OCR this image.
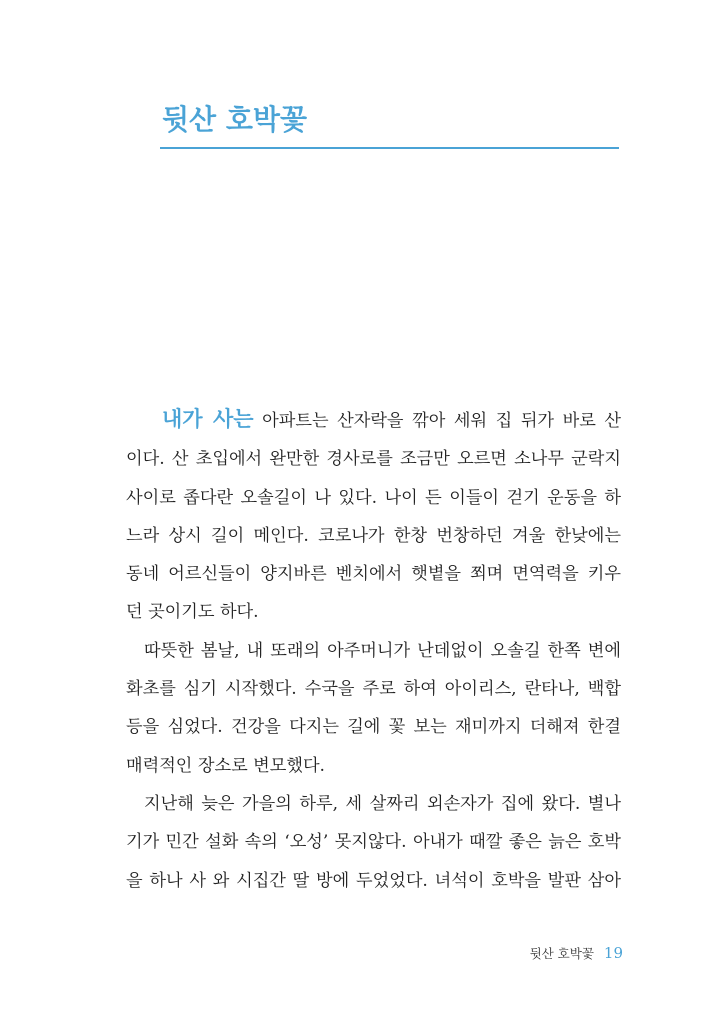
뒷산 호박꽃

내가 사는 아파트는 산자락을 깎아 세워 집 뒤가 바로 산

이다. 산 초입에서 완만한 경사로를 조금만 오르면 소나무 군락지

사이로 좁다란 오솔길이 나 있다. 나이 든 이들이 걷기 운동을 하

느라 상시 길이 메인다. 코로나가 한창 번창하던 겨울 한낮에는

동네 어르신들이 양지바른 벤치에서 햇볕을 쬐며 면역력을 키우

던 곳이기도 하다.

따뜻한 봄날, 내 또래의 아주머니가 난데없이 오솔길 한쪽 변에

화초를 심기 시작했다. 수국을 주로 하여 아이리스, 란타나, 백합

등을 심었다. 건강을 다지는 길에 꽃 보는 재미까지 더해져 한결

매력적인 장소로 변모했다.

지난해 늦은 가을의 하루, 세 살짜리 외손자가 집에 왔다. 별나

기가 민간 설화 속의 ‘오성’ 못지않다. 아내가 때깔 좋은 늙은 호박

을 하나 사 와 시집간 딸 방에 두었었다. 녀석이 호박을 발판 삼아

뒷산 호박꽃 19
